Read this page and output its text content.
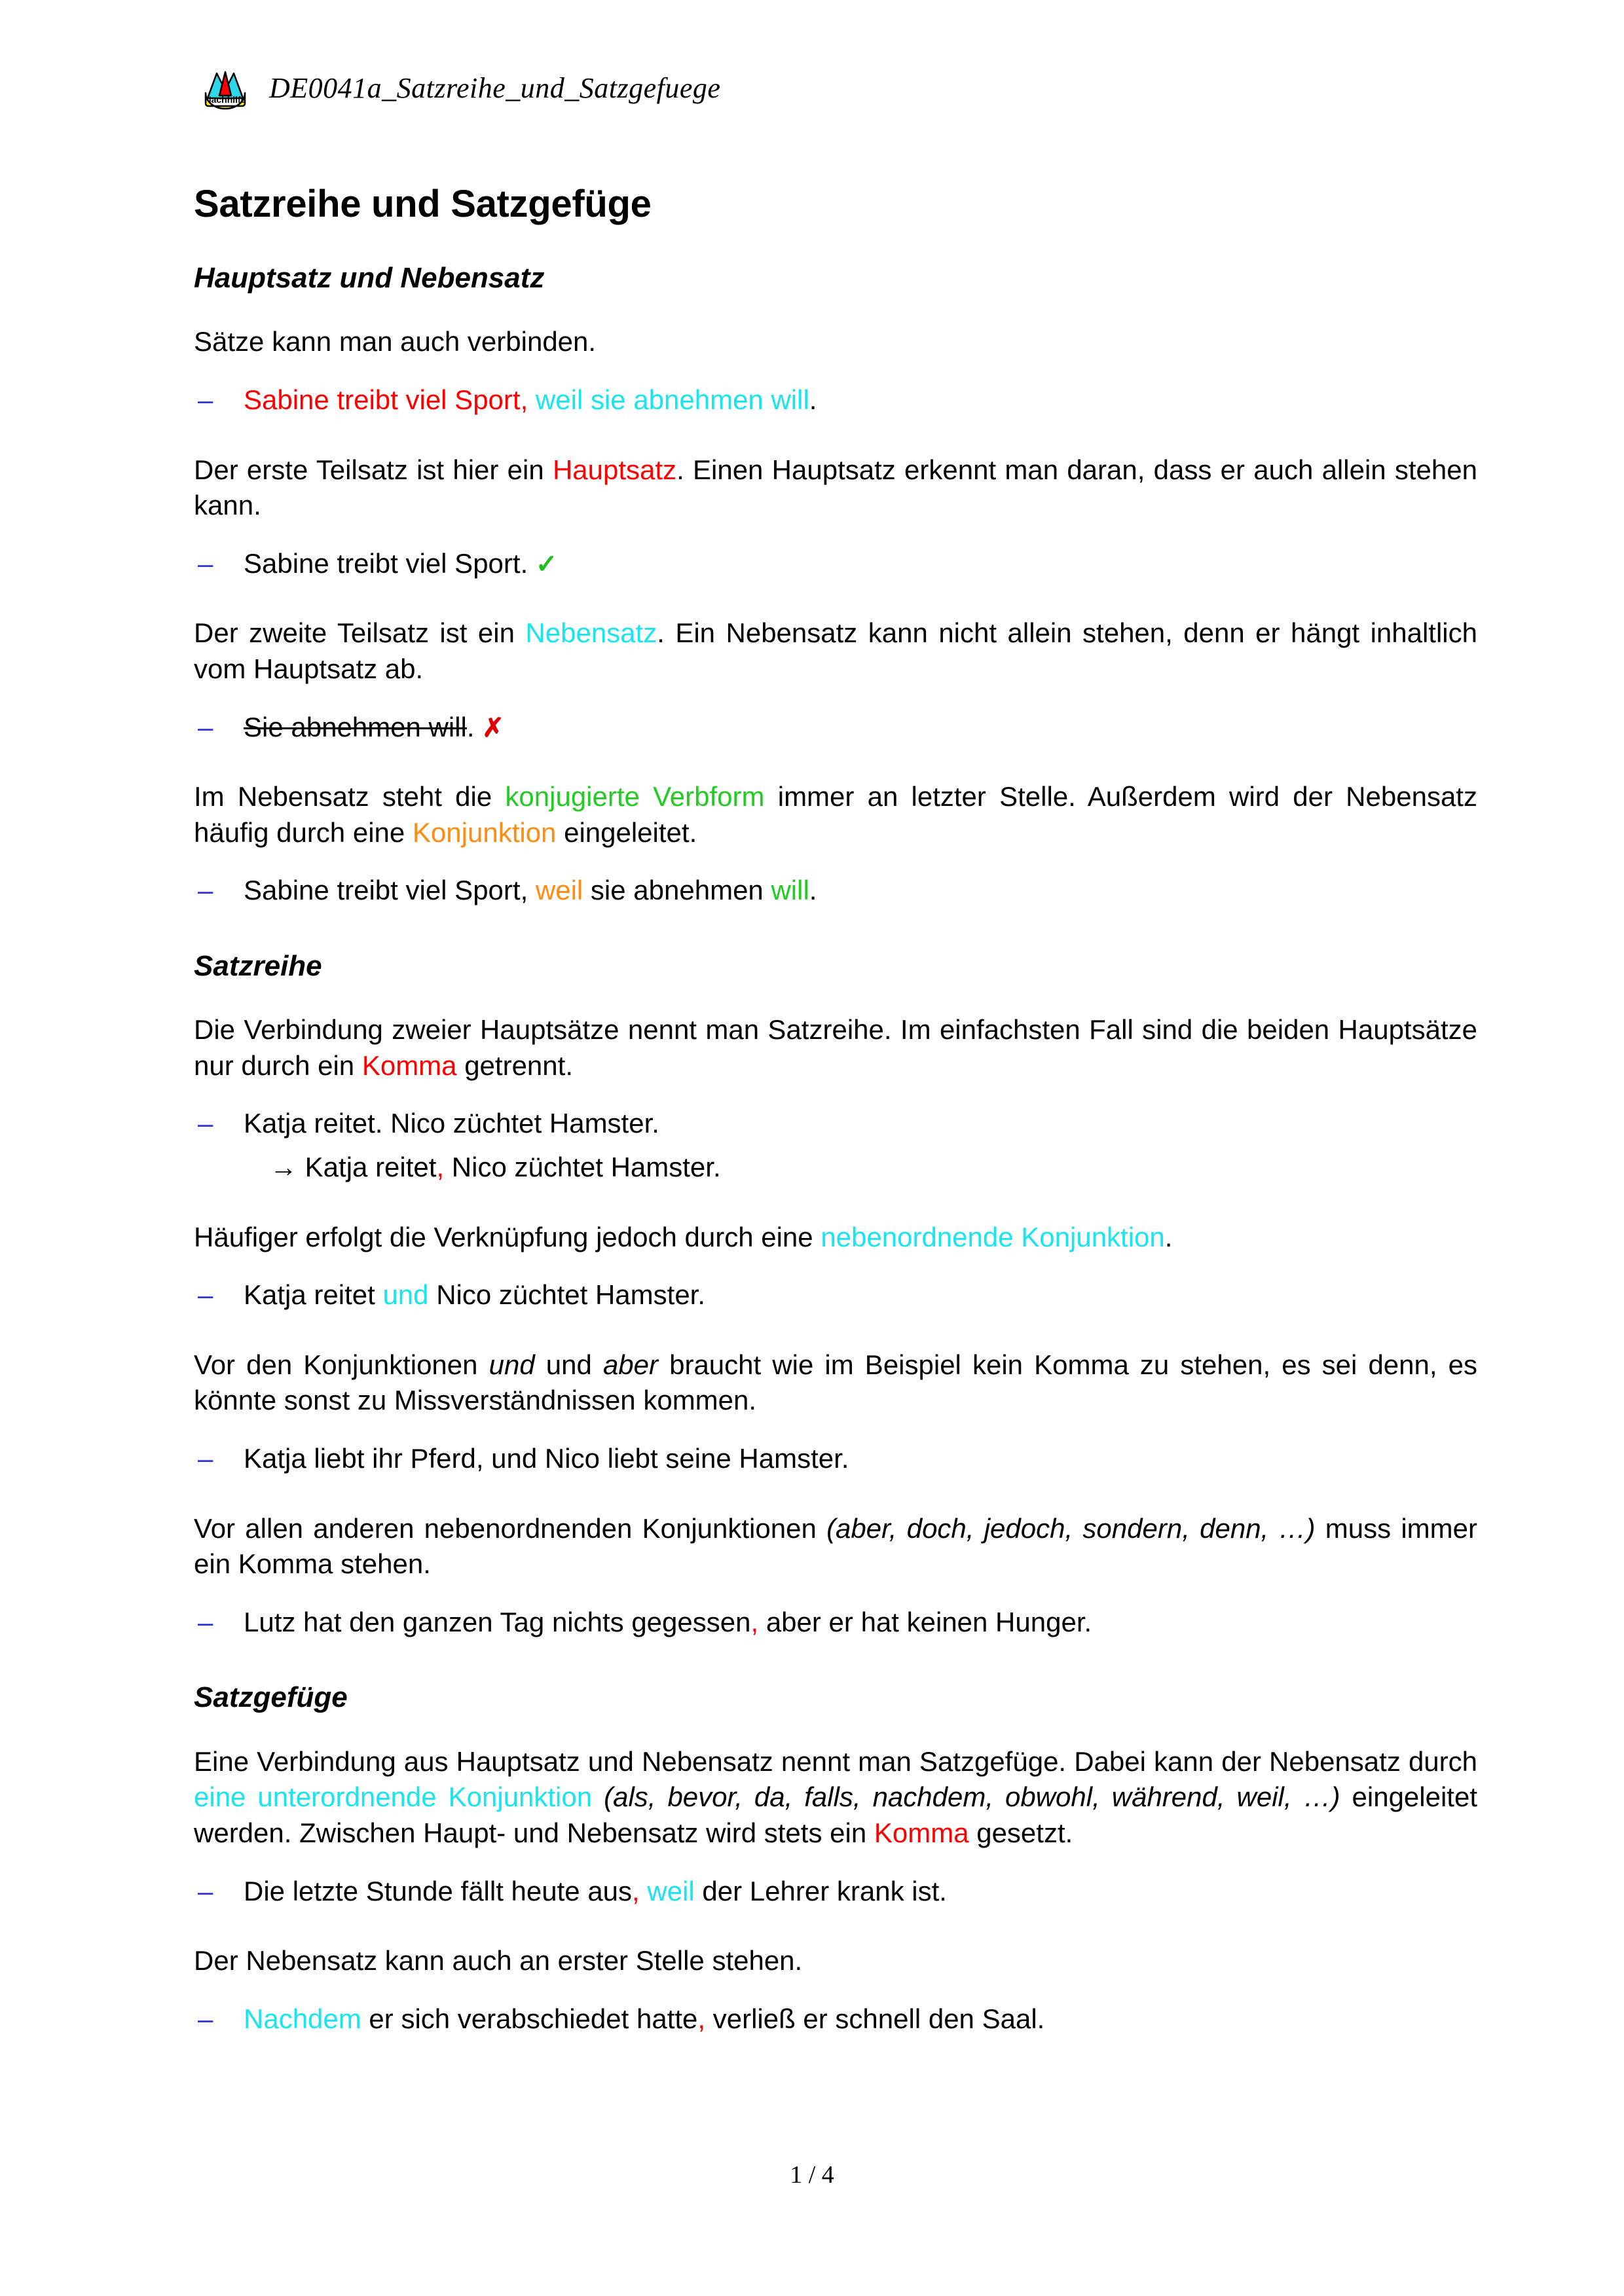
Nachhilfe DE0041a_Satzreihe_und_Satzgefuege
Satzreihe und Satzgefüge
Hauptsatz und Nebensatz

Sätze kann man auch verbinden.

– Sabine treibt viel Sport, weil sie abnehmen will.

Der erste Teilsatz ist hier ein Hauptsatz. Einen Hauptsatz erkennt man daran, dass er auch allein stehen kann.

– Sabine treibt viel Sport. ✓

Der zweite Teilsatz ist ein Nebensatz. Ein Nebensatz kann nicht allein stehen, denn er hängt inhaltlich vom Hauptsatz ab.

– Sie abnehmen will. ✗

Im Nebensatz steht die konjugierte Verbform immer an letzter Stelle. Außerdem wird der Nebensatz häufig durch eine Konjunktion eingeleitet.

– Sabine treibt viel Sport, weil sie abnehmen will.
Satzreihe

Die Verbindung zweier Hauptsätze nennt man Satzreihe. Im einfachsten Fall sind die beiden Hauptsätze nur durch ein Komma getrennt.

– Katja reitet. Nico züchtet Hamster.
→ Katja reitet, Nico züchtet Hamster.

Häufiger erfolgt die Verknüpfung jedoch durch eine nebenordnende Konjunktion.

– Katja reitet und Nico züchtet Hamster.

Vor den Konjunktionen und und aber braucht wie im Beispiel kein Komma zu stehen, es sei denn, es könnte sonst zu Missverständnissen kommen.

– Katja liebt ihr Pferd, und Nico liebt seine Hamster.

Vor allen anderen nebenordnenden Konjunktionen (aber, doch, jedoch, sondern, denn, …) muss immer ein Komma stehen.

– Lutz hat den ganzen Tag nichts gegessen, aber er hat keinen Hunger.
Satzgefüge

Eine Verbindung aus Hauptsatz und Nebensatz nennt man Satzgefüge. Dabei kann der Nebensatz durch eine unterordnende Konjunktion (als, bevor, da, falls, nachdem, obwohl, während, weil, …) eingeleitet werden. Zwischen Haupt- und Nebensatz wird stets ein Komma gesetzt.

– Die letzte Stunde fällt heute aus, weil der Lehrer krank ist.

Der Nebensatz kann auch an erster Stelle stehen.

– Nachdem er sich verabschiedet hatte, verließ er schnell den Saal.
1 / 4
